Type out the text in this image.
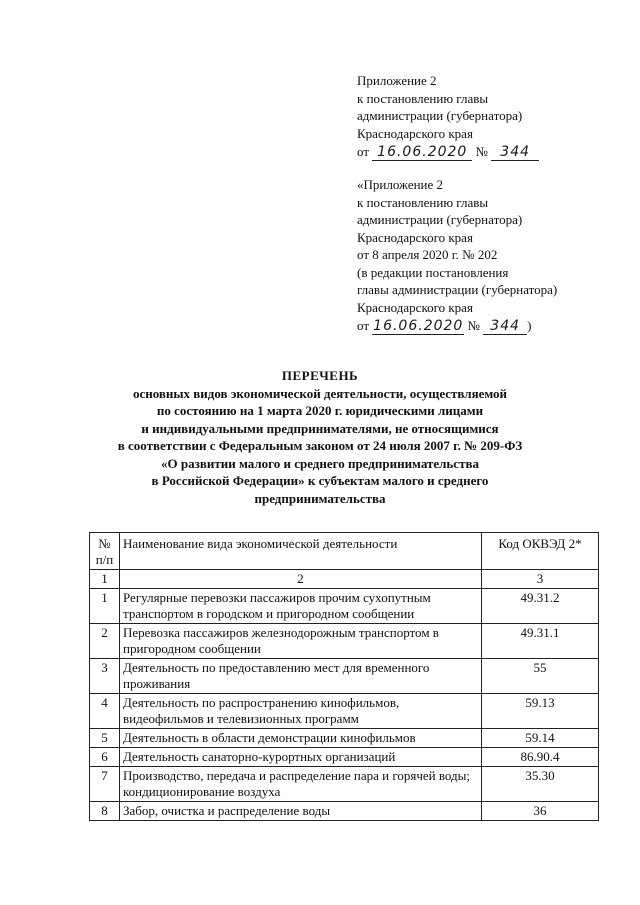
Приложение 2
к постановлению главы
администрации (губернатора)
Краснодарского края
от 16.06.2020 № 344
«Приложение 2
к постановлению главы
администрации (губернатора)
Краснодарского края
от 8 апреля 2020 г. № 202
(в редакции постановления
главы администрации (губернатора)
Краснодарского края
от 16.06.2020 № 344 )
ПЕРЕЧЕНЬ
основных видов экономической деятельности, осуществляемой
по состоянию на 1 марта 2020 г. юридическими лицами
и индивидуальными предпринимателями, не относящимися
в соответствии с Федеральным законом от 24 июля 2007 г. № 209-ФЗ
«О развитии малого и среднего предпринимательства
в Российской Федерации» к субъектам малого и среднего
предпринимательства
№ п/п	Наименование вида экономической деятельности	Код ОКВЭД 2*
1	2	3
1	Регулярные перевозки пассажиров прочим сухопутным транспортом в городском и пригородном сообщении	49.31.2
2	Перевозка пассажиров железнодорожным транспортом в пригородном сообщении	49.31.1
3	Деятельность по предоставлению мест для временного проживания	55
4	Деятельность по распространению кинофильмов, видеофильмов и телевизионных программ	59.13
5	Деятельность в области демонстрации кинофильмов	59.14
6	Деятельность санаторно-курортных организаций	86.90.4
7	Производство, передача и распределение пара и горячей воды; кондиционирование воздуха	35.30
8	Забор, очистка и распределение воды	36
